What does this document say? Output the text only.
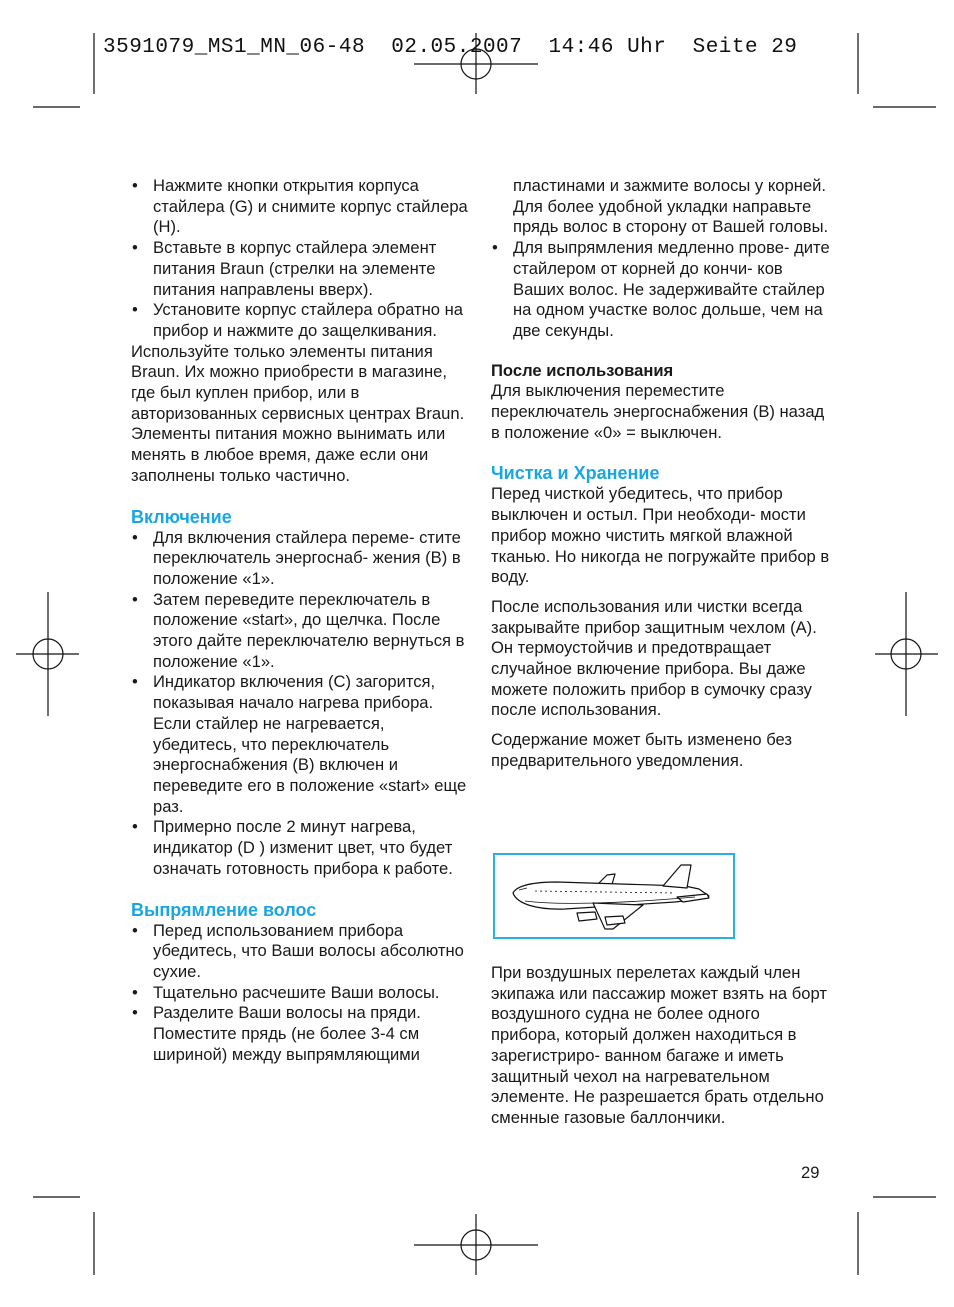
3591079_MS1_MN_06-48  02.05.2007  14:46 Uhr  Seite 29
• Нажмите кнопки открытия корпуса стайлера (G) и снимите корпус стайлера (H).
• Вставьте в корпус стайлера элемент питания Braun (стрелки на элементе питания направлены вверх).
• Установите корпус стайлера обратно на прибор и нажмите до защелкивания.

Используйте только элементы питания Braun. Их можно приобрести в магазине, где был куплен прибор, или в авторизованных сервисных центрах Braun.

Элементы питания можно вынимать или менять в любое время, даже если они заполнены только частично.

Включение
• Для включения стайлера переме- стите переключатель энергоснаб- жения (B) в положение «1».
• Затем переведите переключатель в положение «start», до щелчка. После этого дайте переключателю вернуться в положение «1».
• Индикатор включения (C) загорится, показывая начало нагрева прибора. Если стайлер не нагревается, убедитесь, что переключатель энергоснабжения (B) включен и переведите его в положение «start» еще раз.
• Примерно после 2 минут нагрева, индикатор (D ) изменит цвет, что будет означать готовность прибора к работе.
Выпрямление волос
• Перед использованием прибора убедитесь, что Ваши волосы абсолютно сухие.
• Тщательно расчешите Ваши волосы.
• Разделите Ваши волосы на пряди. Поместите прядь (не более 3-4 см шириной) между выпрямляющими

пластинами и зажмите волосы у корней. Для более удобной укладки направьте прядь волос в сторону от Вашей головы.

• Для выпрямления медленно прове- дите стайлером от корней до кончи- ков Ваших волос. Не задерживайте стайлер на одном участке волос дольше, чем на две секунды.

После использования

Для выключения переместите переключатель энергоснабжения (B) назад в положение «0» = выключен.

Чистка и Хранение

Перед чисткой убедитесь, что прибор выключен и остыл. При необходи- мости прибор можно чистить мягкой влажной тканью. Но никогда не погружайте прибор в воду.

После использования или чистки всегда закрывайте прибор защитным чехлом (A). Он термоустойчив и предотвращает случайное включение прибора. Вы даже можете положить прибор в сумочку сразу после использования.

Содержание может быть изменено без предварительного уведомления.

При воздушных перелетах каждый член экипажа или пассажир может взять на борт воздушного судна не более одного прибора, который должен находиться в зарегистриро- ванном багаже и иметь защитный чехол на нагревательном элементе. Не разрешается брать отдельно сменные газовые баллончики.

29
